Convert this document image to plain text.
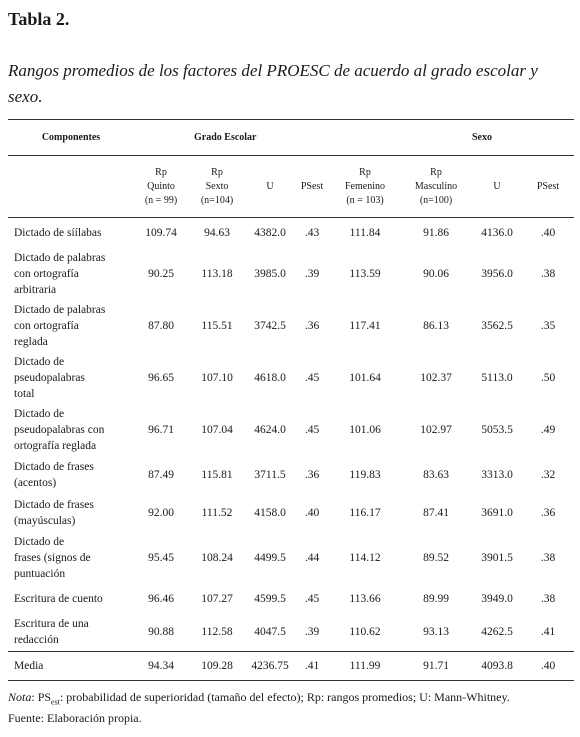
Tabla 2.

Rangos promedios de los factores del PROESC de acuerdo al grado escolar y sexo.

Componentes	Grado Escolar						Sexo	
	Rp
Quinto
(n = 99)	Rp
Sexto
(n=104)	U	PSest	Rp
Femenino
(n = 103)	Rp
Masculino
(n=100)	U	PSest
Dictado de síílabas	109.74	94.63	4382.0	.43	111.84	91.86	4136.0	.40
Dictado de palabras
con ortografía
arbitraria	90.25	113.18	3985.0	.39	113.59	90.06	3956.0	.38
Dictado de palabras
con ortografía
reglada	87.80	115.51	3742.5	.36	117.41	86.13	3562.5	.35
Dictado de
pseudopalabras
total	96.65	107.10	4618.0	.45	101.64	102.37	5113.0	.50
Dictado de
pseudopalabras con
ortografía reglada	96.71	107.04	4624.0	.45	101.06	102.97	5053.5	.49
Dictado de frases
(acentos)	87.49	115.81	3711.5	.36	119.83	83.63	3313.0	.32
Dictado de frases
(mayúsculas)	92.00	111.52	4158.0	.40	116.17	87.41	3691.0	.36
Dictado de
frases (signos de
puntuación	95.45	108.24	4499.5	.44	114.12	89.52	3901.5	.38
Escritura de cuento	96.46	107.27	4599.5	.45	113.66	89.99	3949.0	.38
Escritura de una
redacción	90.88	112.58	4047.5	.39	110.62	93.13	4262.5	.41
Media	94.34	109.28	4236.75	.41	111.99	91.71	4093.8	.40

Nota: $PS_{est}$: probabilidad de superioridad (tamaño del efecto); Rp: rangos promedios; U: Mann-Whitney.

Fuente: Elaboración propia.
